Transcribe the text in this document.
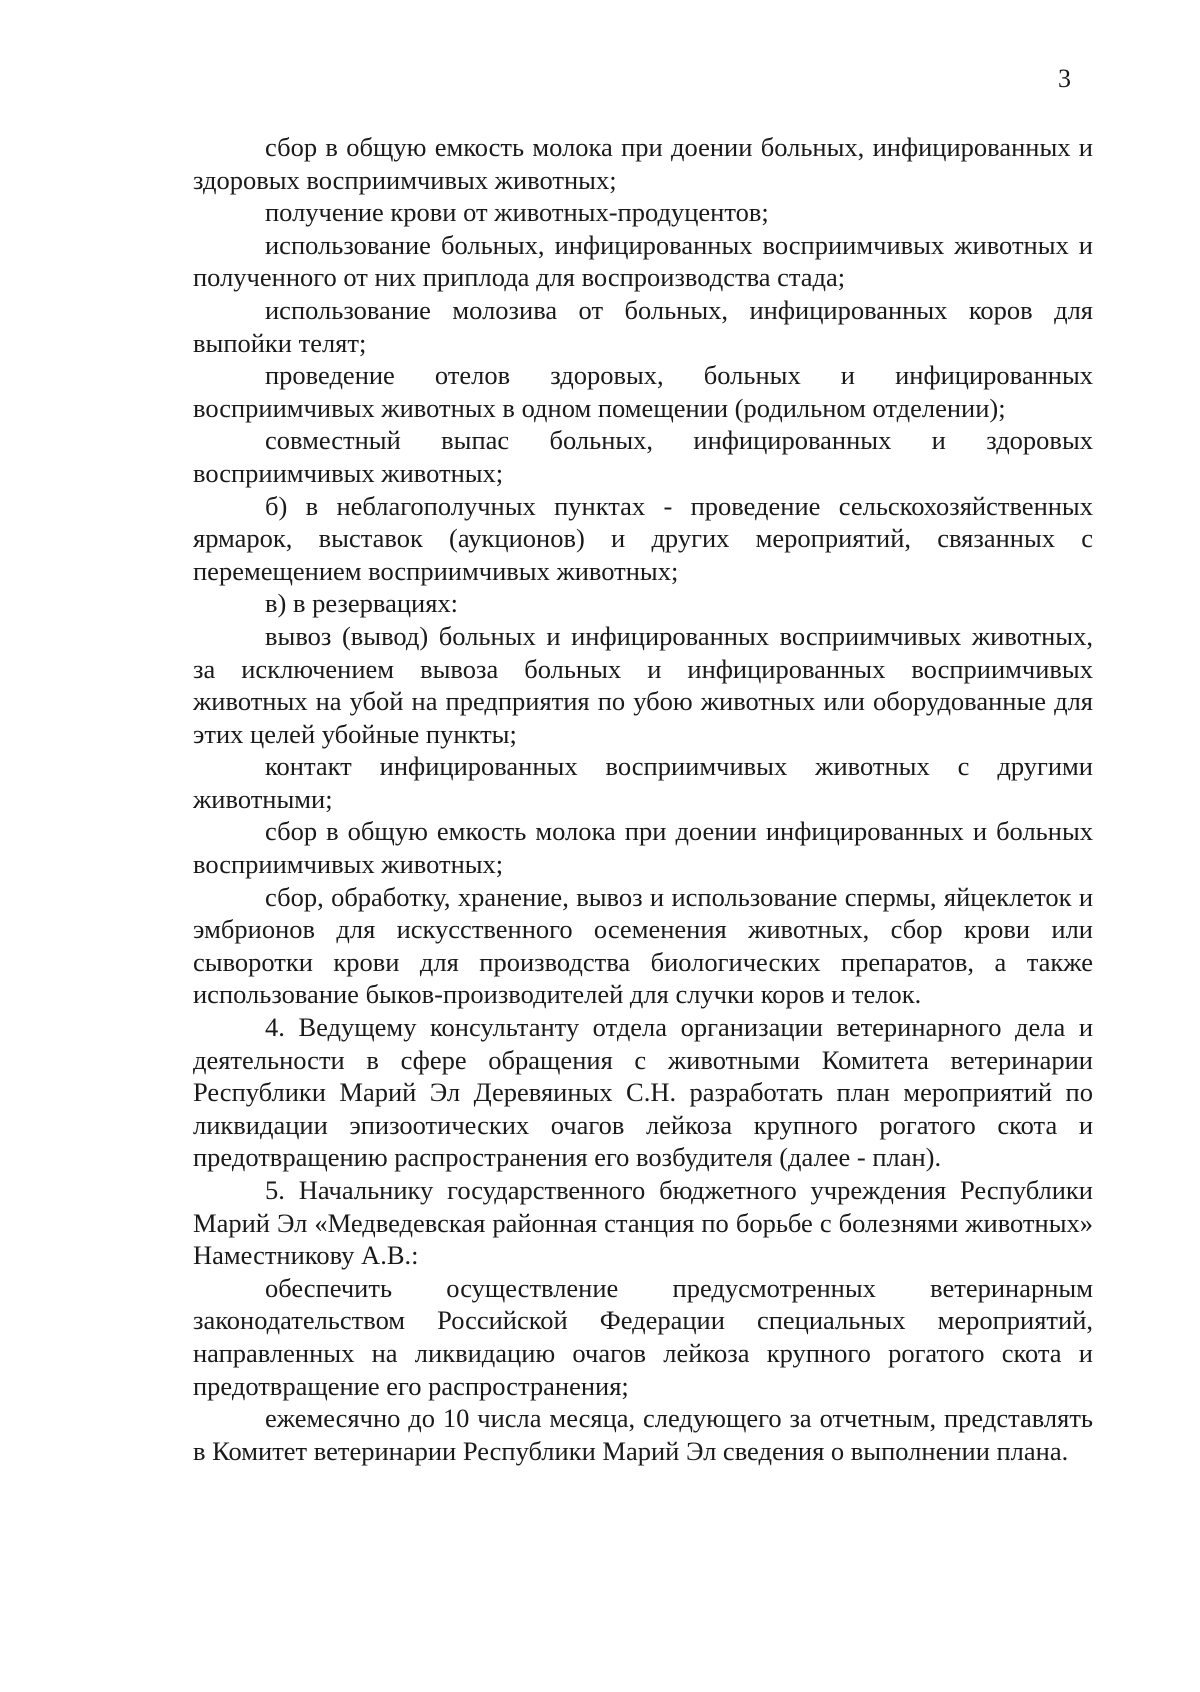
3

сбор в общую емкость молока при доении больных, инфицированных и здоровых восприимчивых животных;

получение крови от животных-продуцентов;

использование больных, инфицированных восприимчивых животных и полученного от них приплода для воспроизводства стада;

использование молозива от больных, инфицированных коров для выпойки телят;

проведение отелов здоровых, больных и инфицированных восприимчивых животных в одном помещении (родильном отделении);

совместный выпас больных, инфицированных и здоровых восприимчивых животных;

б) в неблагополучных пунктах - проведение сельскохозяйственных ярмарок, выставок (аукционов) и других мероприятий, связанных с перемещением восприимчивых животных;

в) в резервациях:

вывоз (вывод) больных и инфицированных восприимчивых животных, за исключением вывоза больных и инфицированных восприимчивых животных на убой на предприятия по убою животных или оборудованные для этих целей убойные пункты;

контакт инфицированных восприимчивых животных с другими животными;

сбор в общую емкость молока при доении инфицированных и больных восприимчивых животных;

сбор, обработку, хранение, вывоз и использование спермы, яйцеклеток и эмбрионов для искусственного осеменения животных, сбор крови или сыворотки крови для производства биологических препаратов, а также использование быков-производителей для случки коров и телок.

4. Ведущему консультанту отдела организации ветеринарного дела и деятельности в сфере обращения с животными Комитета ветеринарии Республики Марий Эл Деревяиных С.Н. разработать план мероприятий по ликвидации эпизоотических очагов лейкоза крупного рогатого скота и предотвращению распространения его возбудителя (далее - план).

5. Начальнику государственного бюджетного учреждения Республики Марий Эл «Медведевская районная станция по борьбе с болезнями животных» Наместникову А.В.:

обеспечить осуществление предусмотренных ветеринарным законодательством Российской Федерации специальных мероприятий, направленных на ликвидацию очагов лейкоза крупного рогатого скота и предотвращение его распространения;

ежемесячно до 10 числа месяца, следующего за отчетным, представлять в Комитет ветеринарии Республики Марий Эл сведения о выполнении плана.
